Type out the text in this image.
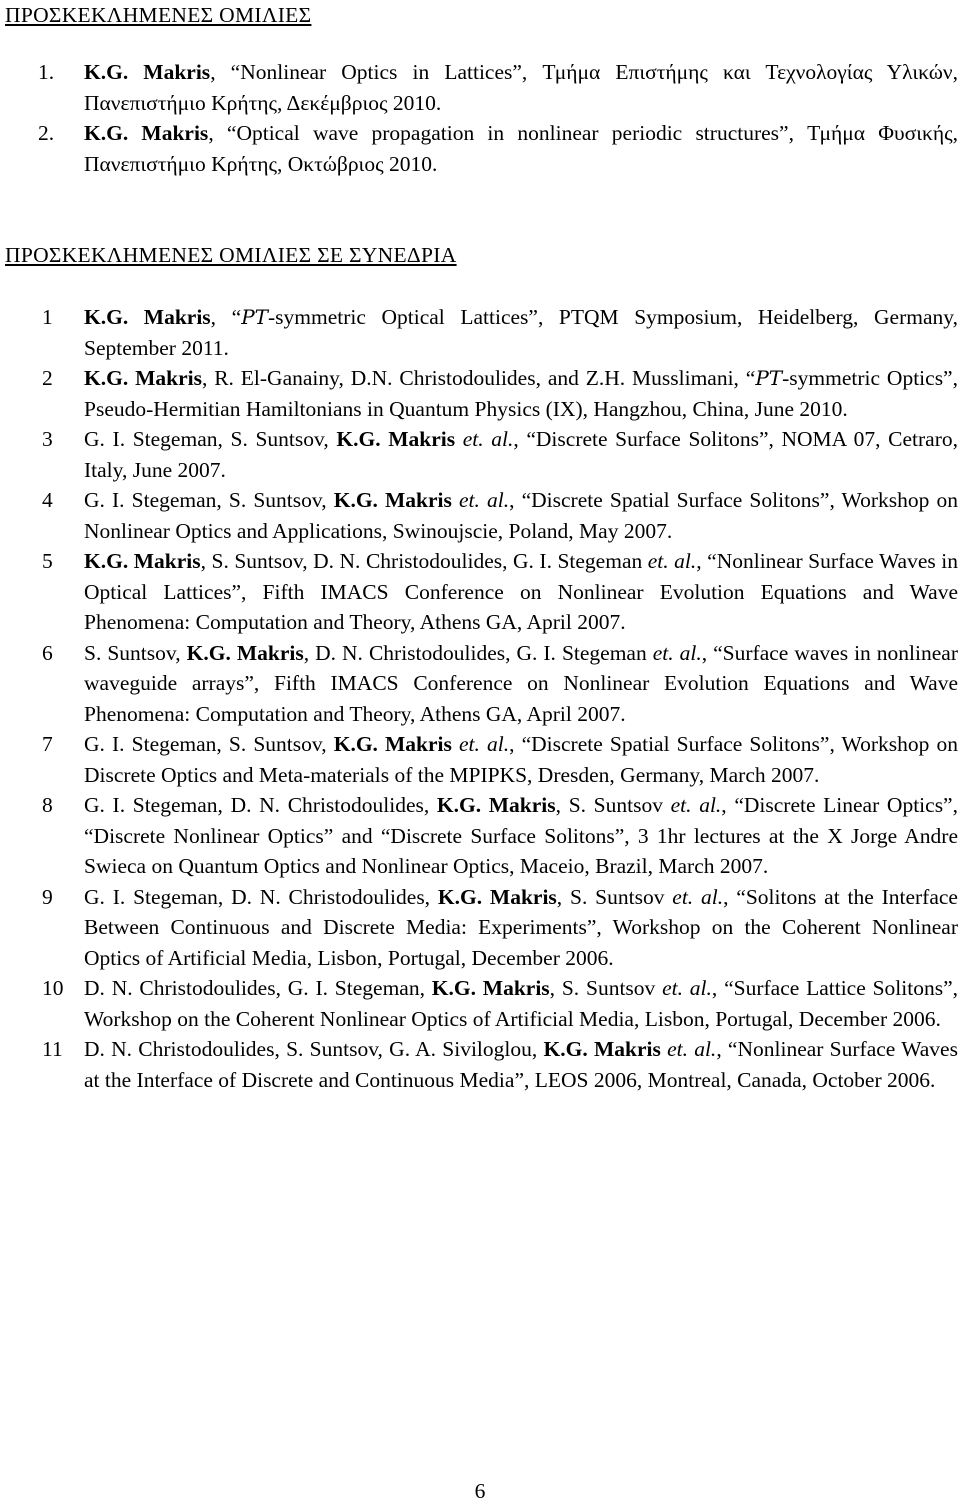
ΠΡΟΣΚΕΚΛΗΜΕΝΕΣ ΟΜΙΛΙΕΣ
1.	K.G. Makris, “Nonlinear Optics in Lattices”, Τμήμα Επιστήμης και Τεχνολογίας Υλικών, Πανεπιστήμιο Κρήτης, Δεκέμβριος 2010.
2.	K.G. Makris, “Optical wave propagation in nonlinear periodic structures”, Τμήμα Φυσικής, Πανεπιστήμιο Κρήτης, Οκτώβριος 2010.
ΠΡΟΣΚΕΚΛΗΜΕΝΕΣ ΟΜΙΛΙΕΣ ΣΕ ΣΥΝΕΔΡΙΑ
1	K.G. Makris, “PT-symmetric Optical Lattices”, PTQM Symposium, Heidelberg, Germany, September 2011.
2	K.G. Makris, R. El-Ganainy, D.N. Christodoulides, and Z.H. Musslimani, “PT-symmetric Optics”, Pseudo-Hermitian Hamiltonians in Quantum Physics (IX), Hangzhou, China, June 2010.
3	G. I. Stegeman, S. Suntsov, K.G. Makris et. al., “Discrete Surface Solitons”, NOMA 07, Cetraro, Italy, June 2007.
4	G. I. Stegeman, S. Suntsov, K.G. Makris et. al., “Discrete Spatial Surface Solitons”, Workshop on Nonlinear Optics and Applications, Swinoujscie, Poland, May 2007.
5	K.G. Makris, S. Suntsov, D. N. Christodoulides, G. I. Stegeman et. al., “Nonlinear Surface Waves in Optical Lattices”, Fifth IMACS Conference on Nonlinear Evolution Equations and Wave Phenomena: Computation and Theory, Athens GA, April 2007.
6	S. Suntsov, K.G. Makris, D. N. Christodoulides, G. I. Stegeman et. al., “Surface waves in nonlinear waveguide arrays”, Fifth IMACS Conference on Nonlinear Evolution Equations and Wave Phenomena: Computation and Theory, Athens GA, April 2007.
7	G. I. Stegeman, S. Suntsov, K.G. Makris et. al., “Discrete Spatial Surface Solitons”, Workshop on Discrete Optics and Meta-materials of the MPIPKS, Dresden, Germany, March 2007.
8	G. I. Stegeman, D. N. Christodoulides, K.G. Makris, S. Suntsov et. al., “Discrete Linear Optics”, “Discrete Nonlinear Optics” and “Discrete Surface Solitons”, 3 1hr lectures at the X Jorge Andre Swieca on Quantum Optics and Nonlinear Optics, Maceio, Brazil, March 2007.
9	G. I. Stegeman, D. N. Christodoulides, K.G. Makris, S. Suntsov et. al., “Solitons at the Interface Between Continuous and Discrete Media: Experiments”, Workshop on the Coherent Nonlinear Optics of Artificial Media, Lisbon, Portugal, December 2006.
10 D. N. Christodoulides, G. I. Stegeman, K.G. Makris, S. Suntsov et. al., “Surface Lattice Solitons”, Workshop on the Coherent Nonlinear Optics of Artificial Media, Lisbon, Portugal, December 2006.
11 D. N. Christodoulides, S. Suntsov, G. A. Siviloglou, K.G. Makris et. al., “Nonlinear Surface Waves at the Interface of Discrete and Continuous Media”, LEOS 2006, Montreal, Canada, October 2006.
6
